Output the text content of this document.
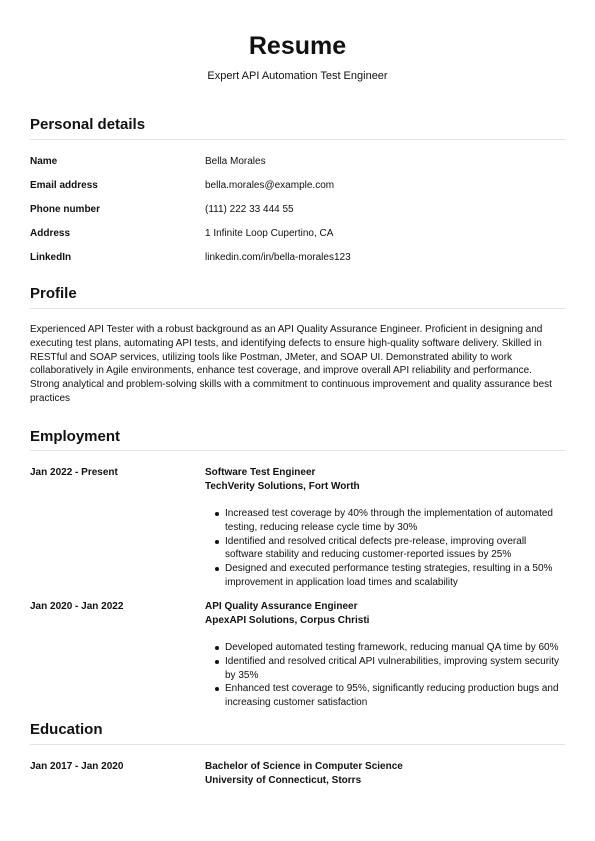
Resume
Expert API Automation Test Engineer
Personal details
Name	Bella Morales
Email address	bella.morales@example.com
Phone number	(111) 222 33 444 55
Address	1 Infinite Loop Cupertino, CA
LinkedIn	linkedin.com/in/bella-morales123
Profile
Experienced API Tester with a robust background as an API Quality Assurance Engineer. Proficient in designing and executing test plans, automating API tests, and identifying defects to ensure high-quality software delivery. Skilled in RESTful and SOAP services, utilizing tools like Postman, JMeter, and SOAP UI. Demonstrated ability to work collaboratively in Agile environments, enhance test coverage, and improve overall API reliability and performance. Strong analytical and problem-solving skills with a commitment to continuous improvement and quality assurance best practices
Employment
Jan 2022 - Present	Software Test Engineer
TechVerity Solutions, Fort Worth
Increased test coverage by 40% through the implementation of automated testing, reducing release cycle time by 30%
Identified and resolved critical defects pre-release, improving overall software stability and reducing customer-reported issues by 25%
Designed and executed performance testing strategies, resulting in a 50% improvement in application load times and scalability
Jan 2020 - Jan 2022	API Quality Assurance Engineer
ApexAPI Solutions, Corpus Christi
Developed automated testing framework, reducing manual QA time by 60%
Identified and resolved critical API vulnerabilities, improving system security by 35%
Enhanced test coverage to 95%, significantly reducing production bugs and increasing customer satisfaction
Education
Jan 2017 - Jan 2020	Bachelor of Science in Computer Science
University of Connecticut, Storrs
